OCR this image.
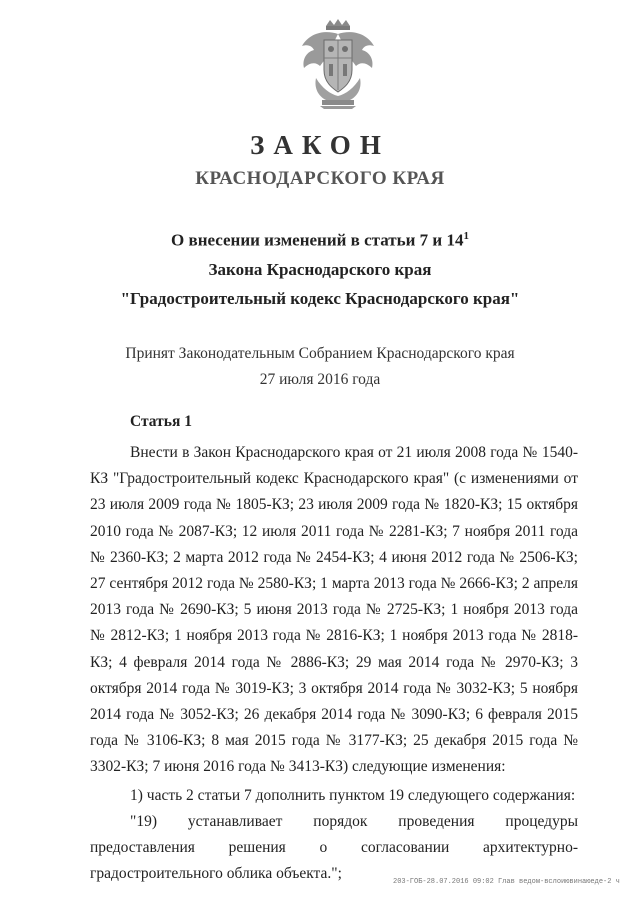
ЗАКОН
КРАСНОДАРСКОГО КРАЯ
О внесении изменений в статьи 7 и $14^1$
Закона Краснодарского края
"Градостроительный кодекс Краснодарского края"
Принят Законодательным Собранием Краснодарского края
27 июля 2016 года
Статья 1

Внести в Закон Краснодарского края от 21 июля 2008 года № 1540-КЗ "Градостроительный кодекс Краснодарского края" (с изменениями от 23 июля 2009 года № 1805-КЗ; 23 июля 2009 года № 1820-КЗ; 15 октября 2010 года № 2087-КЗ; 12 июля 2011 года № 2281-КЗ; 7 ноября 2011 года № 2360-КЗ; 2 марта 2012 года № 2454-КЗ; 4 июня 2012 года № 2506-КЗ; 27 сентября 2012 года № 2580-КЗ; 1 марта 2013 года № 2666-КЗ; 2 апреля 2013 года № 2690-КЗ; 5 июня 2013 года № 2725-КЗ; 1 ноября 2013 года № 2812-КЗ; 1 ноября 2013 года № 2816-КЗ; 1 ноября 2013 года № 2818-КЗ; 4 февраля 2014 года № 2886-КЗ; 29 мая 2014 года № 2970-КЗ; 3 октября 2014 года № 3019-КЗ; 3 октября 2014 года № 3032-КЗ; 5 ноября 2014 года № 3052-КЗ; 26 декабря 2014 года № 3090-КЗ; 6 февраля 2015 года № 3106-КЗ; 8 мая 2015 года № 3177-КЗ; 25 декабря 2015 года № 3302-КЗ; 7 июня 2016 года № 3413-КЗ) следующие изменения:

1) часть 2 статьи 7 дополнить пунктом 19 следующего содержания:

"19) устанавливает порядок проведения процедуры предоставления решения о согласовании архитектурно-градостроительного облика объекта.";	203-ГОБ-28.07.2016 09:02 Глав ведом-вслоиювинаюеде-2 ч
